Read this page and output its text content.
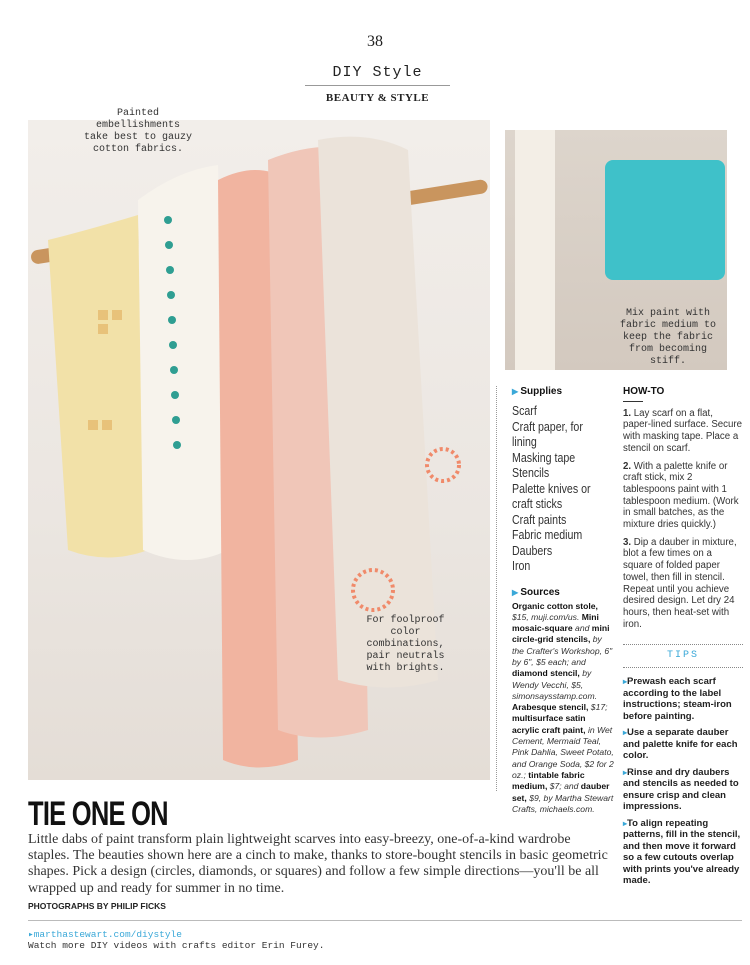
38
DIY Style
BEAUTY & STYLE
Painted embellishments take best to gauzy cotton fabrics.
For foolproof color combinations, pair neutrals with brights.
Mix paint with fabric medium to keep the fabric from becoming stiff.
▶ Supplies
Scarf
Craft paper, for lining
Masking tape
Stencils
Palette knives or craft sticks
Craft paints
Fabric medium
Daubers
Iron
▶ Sources
Organic cotton stole, $15, muji.com/us. Mini mosaic-square and mini circle-grid stencils, by the Crafter's Workshop, 6" by 6", $5 each; and diamond stencil, by Wendy Vecchi, $5, simonsaysstamp.com. Arabesque stencil, $17; multisurface satin acrylic craft paint, in Wet Cement, Mermaid Teal, Pink Dahlia, Sweet Potato, and Orange Soda, $2 for 2 oz.; tintable fabric medium, $7; and dauber set, $9, by Martha Stewart Crafts, michaels.com.
HOW-TO

1. Lay scarf on a flat, paper-lined surface. Secure with masking tape. Place a stencil on scarf.

2. With a palette knife or craft stick, mix 2 tablespoons paint with 1 tablespoon medium. (Work in small batches, as the mixture dries quickly.)

3. Dip a dauber in mixture, blot a few times on a square of folded paper towel, then fill in stencil. Repeat until you achieve desired design. Let dry 24 hours, then heat-set with iron.

TIPS

▸Prewash each scarf according to the label instructions; steam-iron before painting.

▸Use a separate dauber and palette knife for each color.

▸Rinse and dry daubers and stencils as needed to ensure crisp and clean impressions.

▸To align repeating patterns, fill in the stencil, and then move it forward so a few cutouts overlap with prints you've already made.

TIE ONE ON
Little dabs of paint transform plain lightweight scarves into easy-breezy, one-of-a-kind wardrobe staples. The beauties shown here are a cinch to make, thanks to store-bought stencils in basic geometric shapes. Pick a design (circles, diamonds, or squares) and follow a few simple directions—you'll be all wrapped up and ready for summer in no time.
PHOTOGRAPHS BY PHILIP FICKS
▸marthastewart.com/diystyle
Watch more DIY videos with crafts editor Erin Furey.
